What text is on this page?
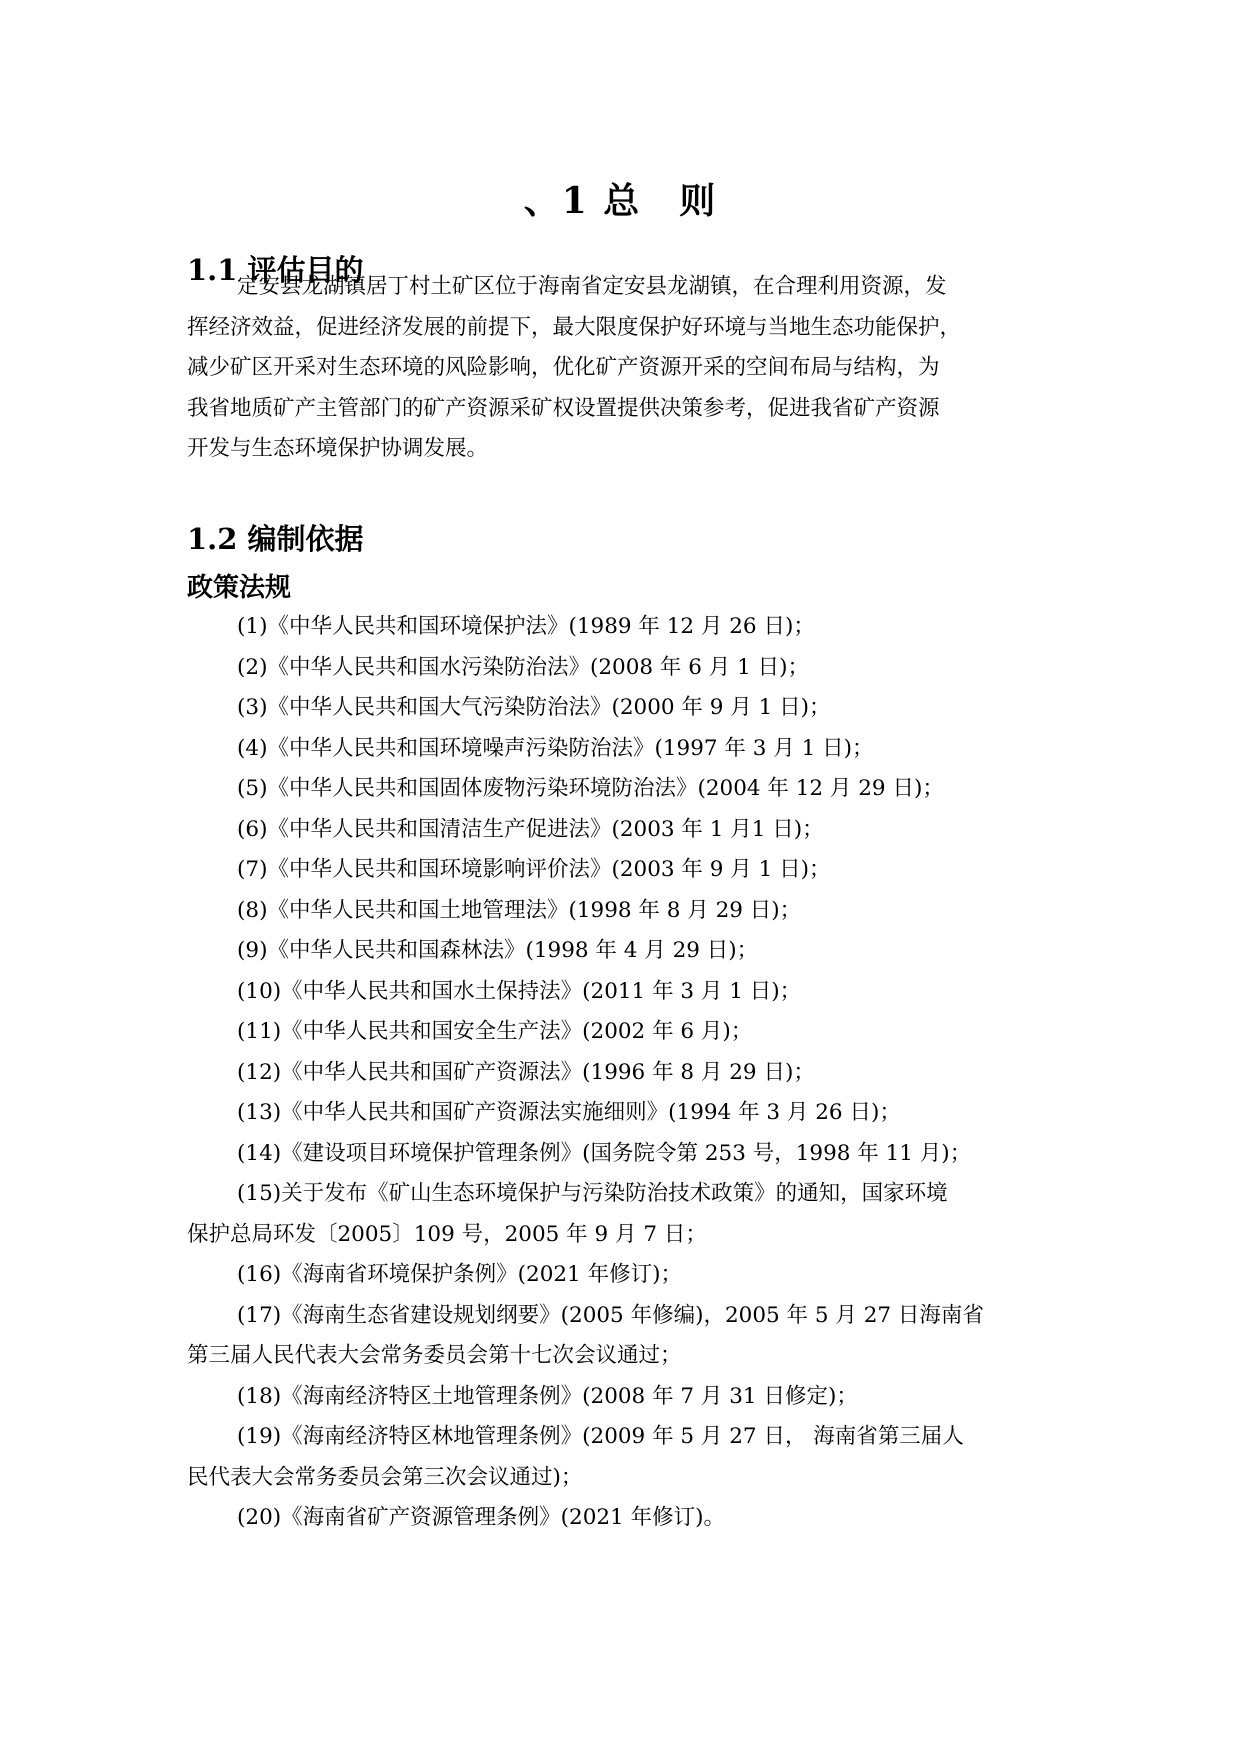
、1 总　则
1.1 评估目的
定安县龙湖镇居丁村土矿区位于海南省定安县龙湖镇，在合理利用资源，发
挥经济效益，促进经济发展的前提下，最大限度保护好环境与当地生态功能保护，
减少矿区开采对生态环境的风险影响，优化矿产资源开采的空间布局与结构，为
我省地质矿产主管部门的矿产资源采矿权设置提供决策参考，促进我省矿产资源
开发与生态环境保护协调发展。
1.2 编制依据
政策法规
(1)《中华人民共和国环境保护法》(1989 年 12 月 26 日)；
(2)《中华人民共和国水污染防治法》(2008 年 6 月 1 日)；
(3)《中华人民共和国大气污染防治法》(2000 年 9 月 1 日)；
(4)《中华人民共和国环境噪声污染防治法》(1997 年 3 月 1 日)；
(5)《中华人民共和国固体废物污染环境防治法》(2004 年 12 月 29 日)；
(6)《中华人民共和国清洁生产促进法》(2003 年 1 月1 日)；
(7)《中华人民共和国环境影响评价法》(2003 年 9 月 1 日)；
(8)《中华人民共和国土地管理法》(1998 年 8 月 29 日)；
(9)《中华人民共和国森林法》(1998 年 4 月 29 日)；
(10)《中华人民共和国水土保持法》(2011 年 3 月 1 日)；
(11)《中华人民共和国安全生产法》(2002 年 6 月)；
(12)《中华人民共和国矿产资源法》(1996 年 8 月 29 日)；
(13)《中华人民共和国矿产资源法实施细则》(1994 年 3 月 26 日)；
(14)《建设项目环境保护管理条例》(国务院令第 253 号，1998 年 11 月)；
(15)关于发布《矿山生态环境保护与污染防治技术政策》的通知，国家环境
保护总局环发〔2005〕109 号，2005 年 9 月 7 日；
(16)《海南省环境保护条例》(2021 年修订)；
(17)《海南生态省建设规划纲要》(2005 年修编)，2005 年 5 月 27 日海南省
第三届人民代表大会常务委员会第十七次会议通过；
(18)《海南经济特区土地管理条例》(2008 年 7 月 31 日修定)；
(19)《海南经济特区林地管理条例》(2009 年 5 月 27 日， 海南省第三届人
民代表大会常务委员会第三次会议通过)；
(20)《海南省矿产资源管理条例》(2021 年修订)。
